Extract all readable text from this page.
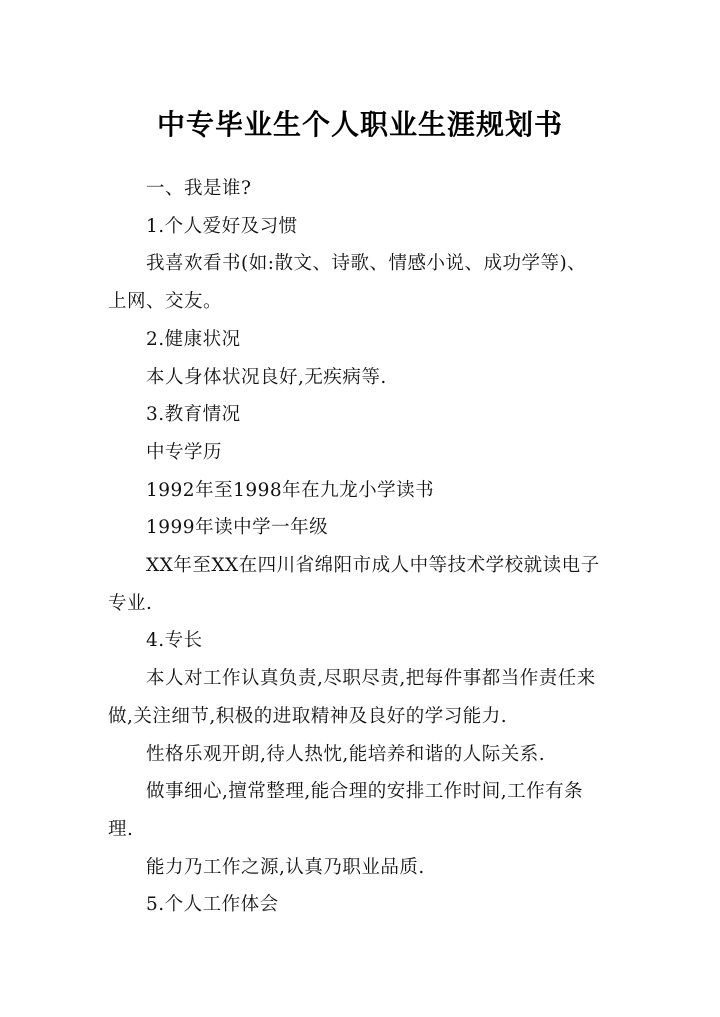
中专毕业生个人职业生涯规划书

一、我是谁?

1.个人爱好及习惯

我喜欢看书(如:散文、诗歌、情感小说、成功学等)、上网、交友。

2.健康状况

本人身体状况良好,无疾病等.

3.教育情况

中专学历

1992年至1998年在九龙小学读书

1999年读中学一年级

XX年至XX在四川省绵阳市成人中等技术学校就读电子专业.

4.专长

本人对工作认真负责,尽职尽责,把每件事都当作责任来做,关注细节,积极的进取精神及良好的学习能力.

性格乐观开朗,待人热忱,能培养和谐的人际关系.

做事细心,擅常整理,能合理的安排工作时间,工作有条理.

能力乃工作之源,认真乃职业品质.

5.个人工作体会
